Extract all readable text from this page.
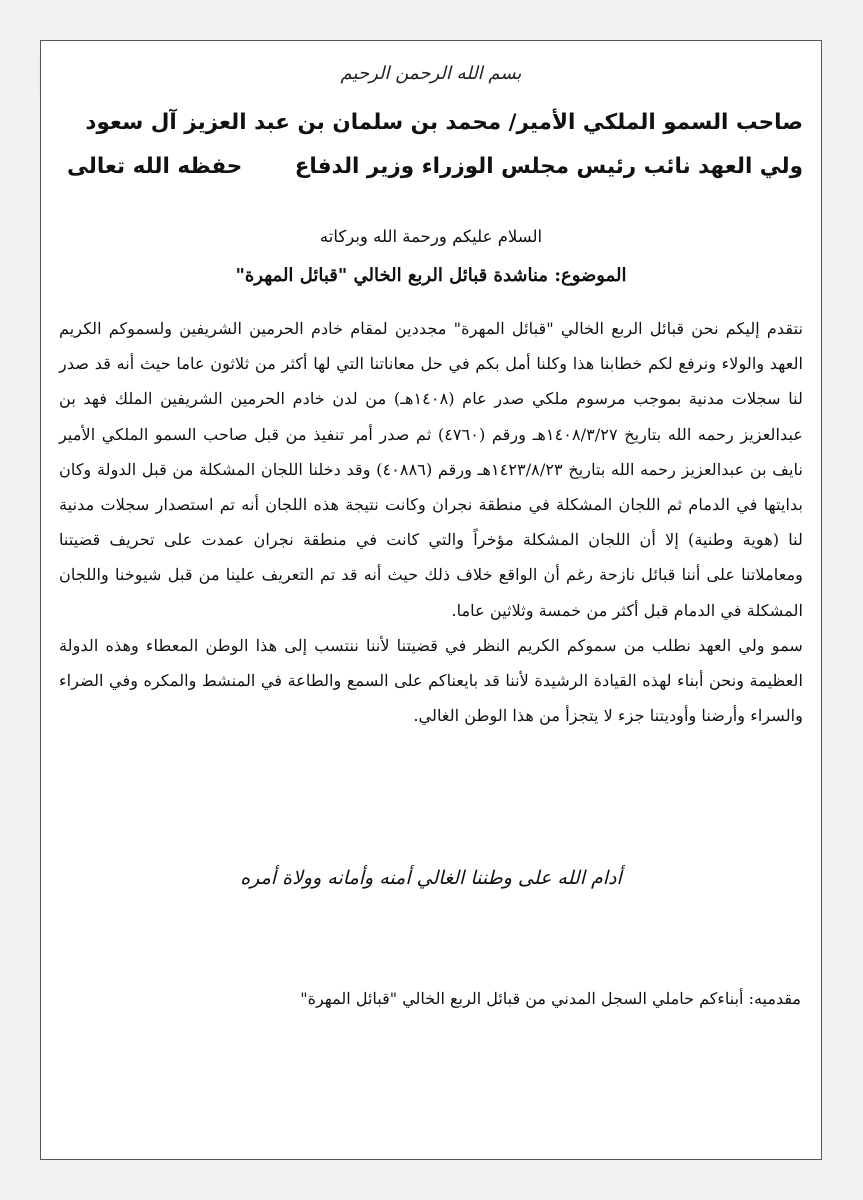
بسم الله الرحمن الرحيم
صاحب السمو الملكي الأمير/ محمد بن سلمان بن عبد العزيز آل سعود
ولي العهد نائب رئيس مجلس الوزراء وزير الدفاع
حفظه الله تعالى
السلام عليكم ورحمة الله وبركاته
الموضوع: مناشدة قبائل الربع الخالي "قبائل المهرة"

نتقدم إليكم نحن قبائل الربع الخالي "قبائل المهرة" مجددين لمقام خادم الحرمين الشريفين ولسموكم الكريم العهد والولاء ونرفع لكم خطابنا هذا وكلنا أمل بكم في حل معاناتنا التي لها أكثر من ثلاثون عاما حيث أنه قد صدر لنا سجلات مدنية بموجب مرسوم ملكي صدر عام (١٤٠٨هـ) من لدن خادم الحرمين الشريفين الملك فهد بن عبدالعزيز رحمه الله بتاريخ ١٤٠٨/٣/٢٧هـ ورقم (٤٧٦٠) ثم صدر أمر تنفيذ من قبل صاحب السمو الملكي الأمير نايف بن عبدالعزيز رحمه الله بتاريخ ١٤٢٣/٨/٢٣هـ ورقم (٤٠٨٨٦) وقد دخلنا اللجان المشكلة من قبل الدولة وكان بدايتها في الدمام ثم اللجان المشكلة في منطقة نجران وكانت نتيجة هذه اللجان أنه تم استصدار سجلات مدنية لنا (هوية وطنية) إلا أن اللجان المشكلة مؤخراً والتي كانت في منطقة نجران عمدت على تحريف قضيتنا ومعاملاتنا على أننا قبائل نازحة رغم أن الواقع خلاف ذلك حيث أنه قد تم التعريف علينا من قبل شيوخنا واللجان المشكلة في الدمام قبل أكثر من خمسة وثلاثين عاما.

سمو ولي العهد نطلب من سموكم الكريم النظر في قضيتنا لأننا ننتسب إلى هذا الوطن المعطاء وهذه الدولة العظيمة ونحن أبناء لهذه القيادة الرشيدة لأننا قد بايعناكم على السمع والطاعة في المنشط والمكره وفي الضراء والسراء وأرضنا وأوديتنا جزء لا يتجزأ من هذا الوطن الغالي.

أدام الله على وطننا الغالي أمنه وأمانه وولاة أمره
مقدميه: أبناءكم حاملي السجل المدني من قبائل الربع الخالي "قبائل المهرة"
